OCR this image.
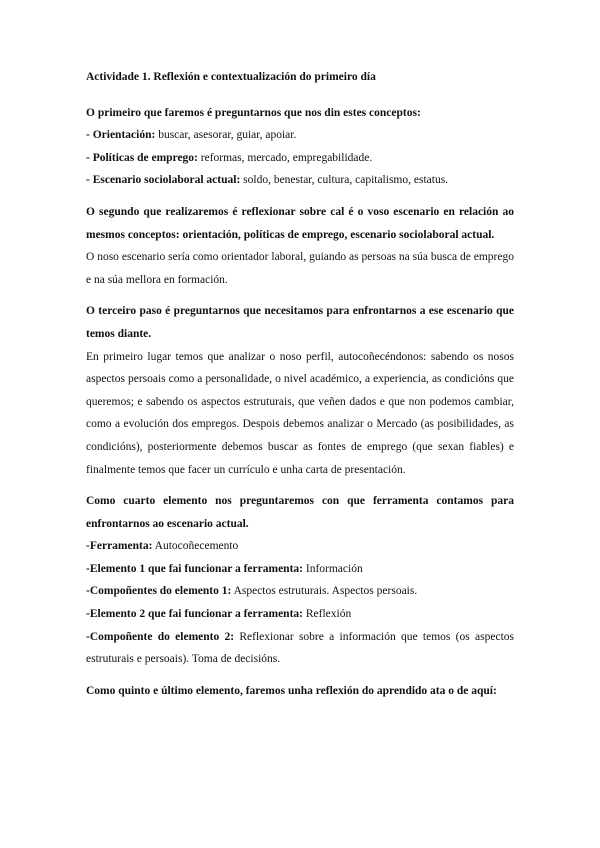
Actividade 1. Reflexión e contextualización do primeiro día

O primeiro que faremos é preguntarnos que nos din estes conceptos:

- Orientación: buscar, asesorar, guiar, apoiar.

- Políticas de emprego: reformas, mercado, empregabilidade.

- Escenario sociolaboral actual: soldo, benestar, cultura, capitalismo, estatus.

O segundo que realizaremos é reflexionar sobre cal é o voso escenario en relación ao mesmos conceptos: orientación, políticas de emprego, escenario sociolaboral actual.

O noso escenario sería como orientador laboral, guiando as persoas na súa busca de emprego e na súa mellora en formación.

O terceiro paso é preguntarnos que necesitamos para enfrontarnos a ese escenario que temos diante.

En primeiro lugar temos que analizar o noso perfil, autocoñecéndonos: sabendo os nosos aspectos persoais como a personalidade, o nivel académico, a experiencia, as condicións que queremos; e sabendo os aspectos estruturais, que veñen dados e que non podemos cambiar, como a evolución dos empregos. Despois debemos analizar o Mercado (as posibilidades, as condicións), posteriormente debemos buscar as fontes de emprego (que sexan fiables) e finalmente temos que facer un currículo e unha carta de presentación.

Como cuarto elemento nos preguntaremos con que ferramenta contamos para enfrontarnos ao escenario actual.

-Ferramenta: Autocoñecemento

-Elemento 1 que fai funcionar a ferramenta: Información

-Compoñentes do elemento 1: Aspectos estruturais. Aspectos persoais.

-Elemento 2 que fai funcionar a ferramenta: Reflexión

-Compoñente do elemento 2: Reflexionar sobre a información que temos (os aspectos estruturais e persoais). Toma de decisións.

Como quinto e último elemento, faremos unha reflexión do aprendido ata o de aquí:
